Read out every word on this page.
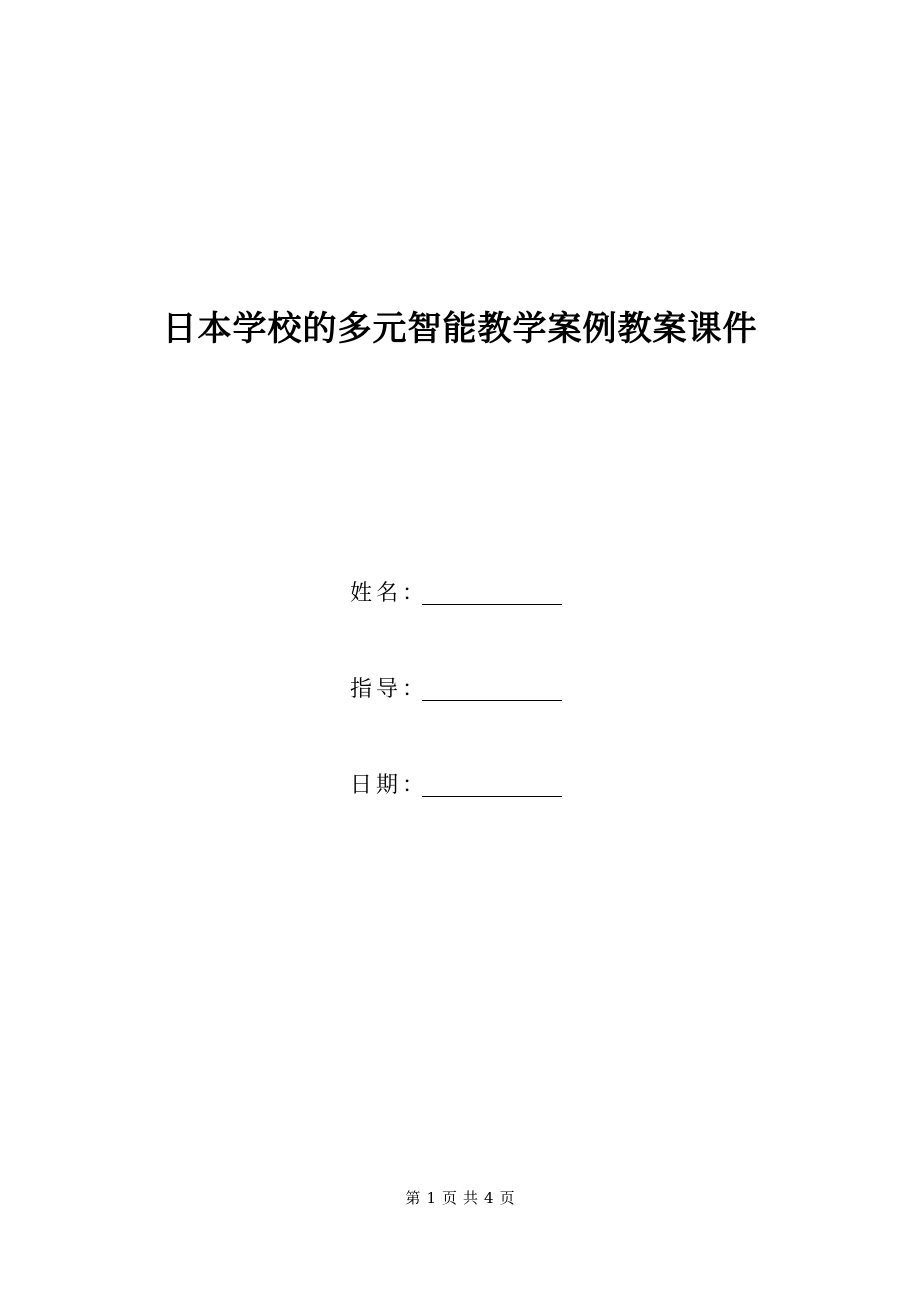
日本学校的多元智能教学案例教案课件
姓名 ：
指导 ：
日期 ：
第 1 页 共 4 页
